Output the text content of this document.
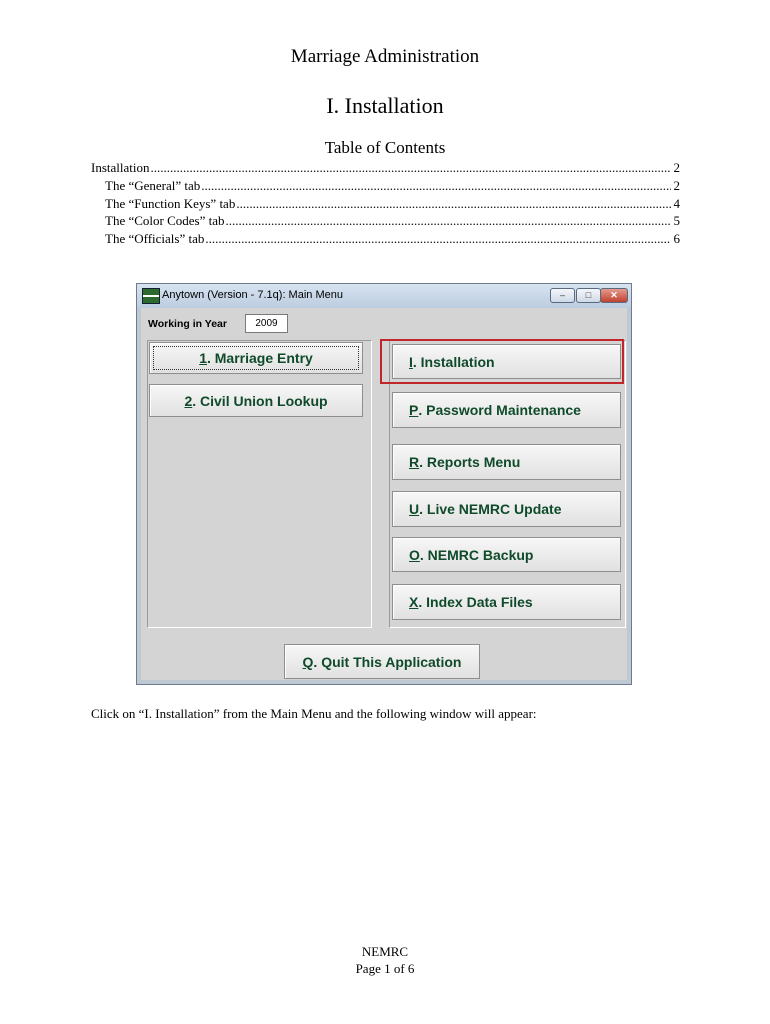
Marriage Administration
I. Installation
Table of Contents
Installation .....	2
The “General” tab .....	2
The “Function Keys” tab .....	4
The “Color Codes” tab .....	5
The “Officials” tab .....	6
Anytown (Version - 7.1q): Main Menu	–	□	✕
Working in Year	2009
1 . Marriage Entry
2 . Civil Union Lookup
I . Installation
P . Password Maintenance
R . Reports Menu
U . Live NEMRC Update
O . NEMRC Backup
X . Index Data Files
Q . Quit This Application
Click on “I. Installation” from the Main Menu and the following window will appear:
NEMRC
Page 1 of 6
